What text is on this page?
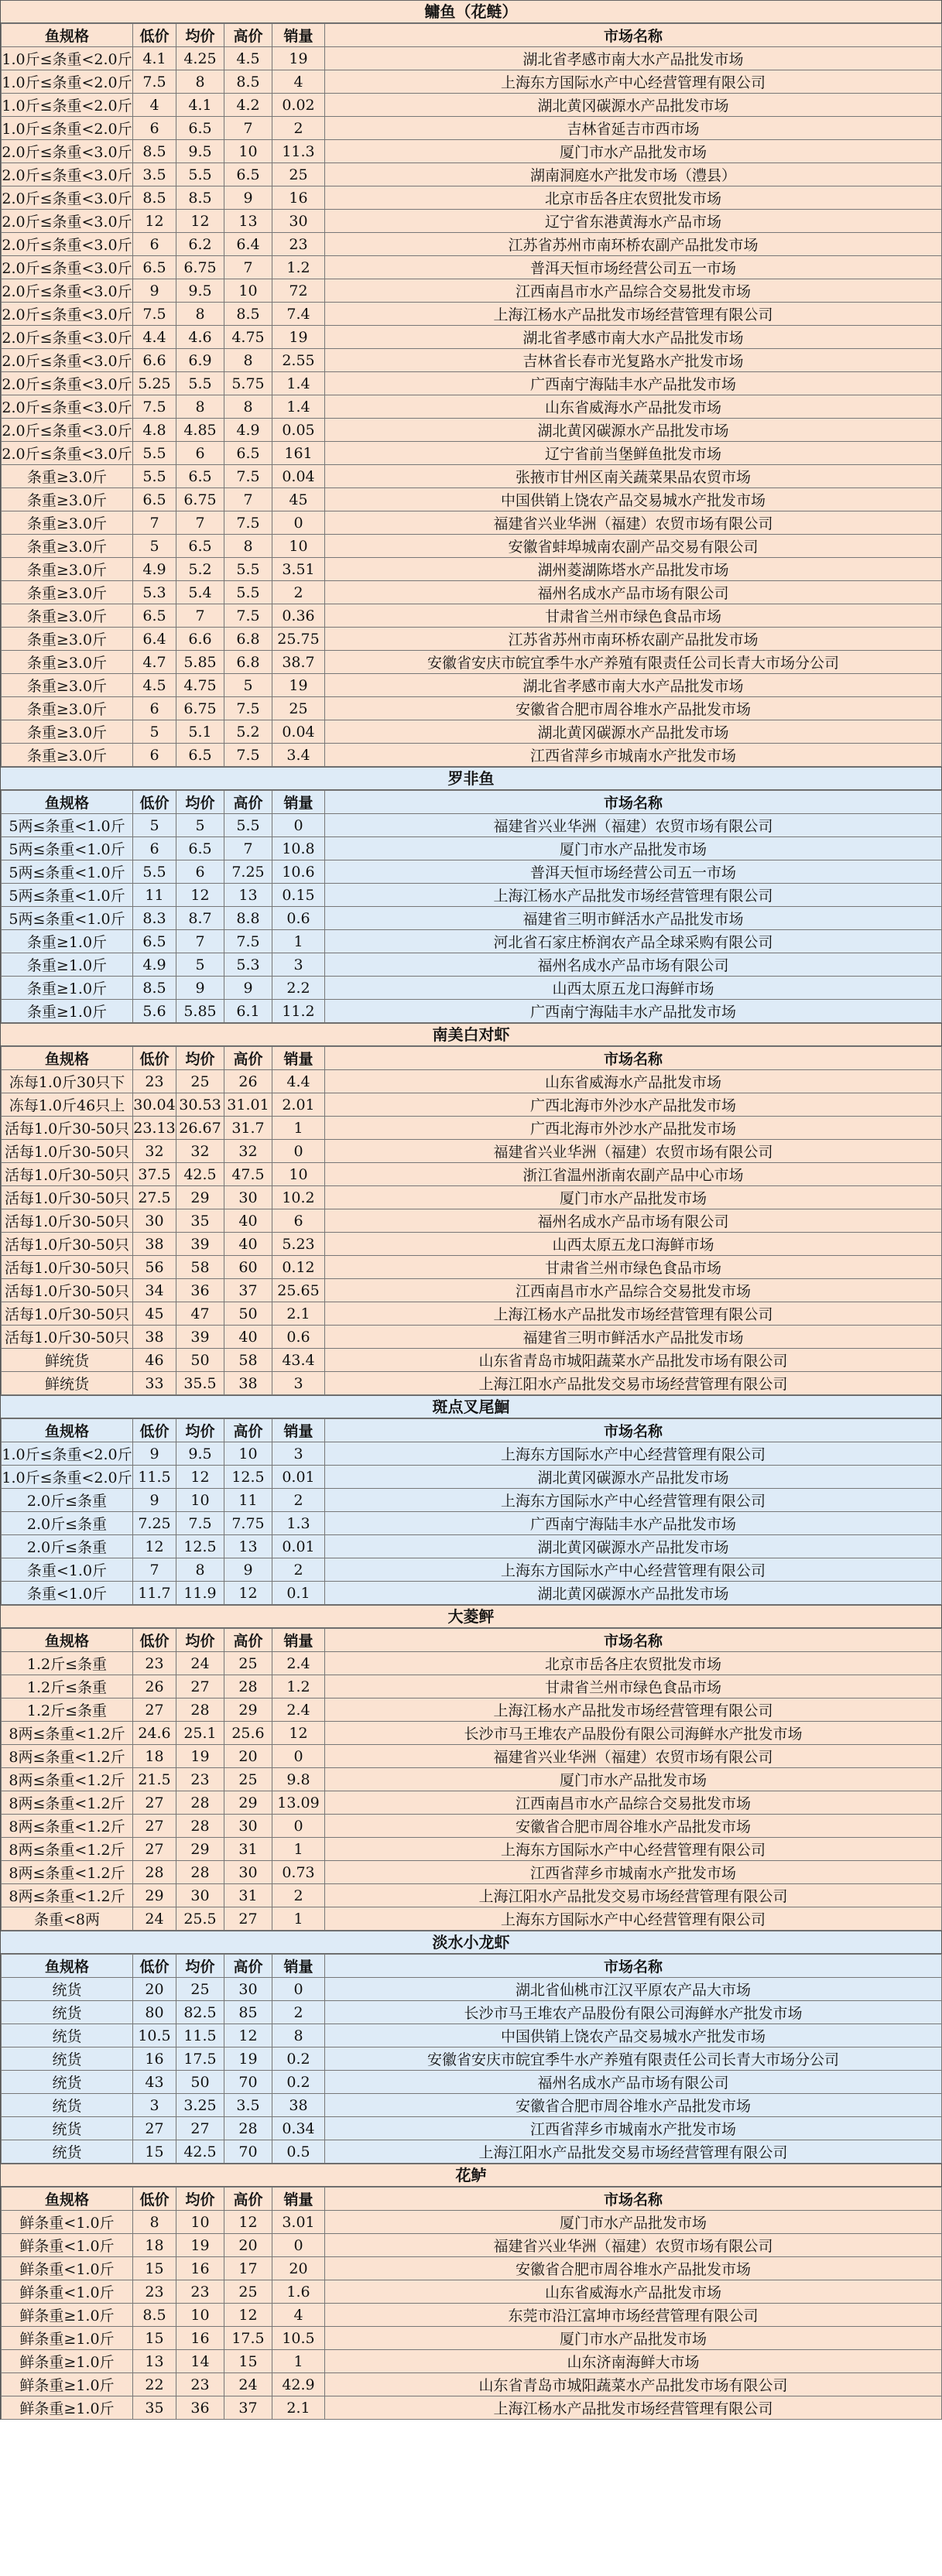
鳙鱼（花鲢）
鱼规格	低价	均价	高价	销量	市场名称
1.0斤≤条重<2.0斤	4.1	4.25	4.5	19	湖北省孝感市南大水产品批发市场
1.0斤≤条重<2.0斤	7.5	8	8.5	4	上海东方国际水产中心经营管理有限公司
1.0斤≤条重<2.0斤	4	4.1	4.2	0.02	湖北黄冈碳源水产品批发市场
1.0斤≤条重<2.0斤	6	6.5	7	2	吉林省延吉市西市场
2.0斤≤条重<3.0斤	8.5	9.5	10	11.3	厦门市水产品批发市场
2.0斤≤条重<3.0斤	3.5	5.5	6.5	25	湖南洞庭水产批发市场（澧县）
2.0斤≤条重<3.0斤	8.5	8.5	9	16	北京市岳各庄农贸批发市场
2.0斤≤条重<3.0斤	12	12	13	30	辽宁省东港黄海水产品市场
2.0斤≤条重<3.0斤	6	6.2	6.4	23	江苏省苏州市南环桥农副产品批发市场
2.0斤≤条重<3.0斤	6.5	6.75	7	1.2	普洱天恒市场经营公司五一市场
2.0斤≤条重<3.0斤	9	9.5	10	72	江西南昌市水产品综合交易批发市场
2.0斤≤条重<3.0斤	7.5	8	8.5	7.4	上海江杨水产品批发市场经营管理有限公司
2.0斤≤条重<3.0斤	4.4	4.6	4.75	19	湖北省孝感市南大水产品批发市场
2.0斤≤条重<3.0斤	6.6	6.9	8	2.55	吉林省长春市光复路水产批发市场
2.0斤≤条重<3.0斤	5.25	5.5	5.75	1.4	广西南宁海陆丰水产品批发市场
2.0斤≤条重<3.0斤	7.5	8	8	1.4	山东省威海水产品批发市场
2.0斤≤条重<3.0斤	4.8	4.85	4.9	0.05	湖北黄冈碳源水产品批发市场
2.0斤≤条重<3.0斤	5.5	6	6.5	161	辽宁省前当堡鲜鱼批发市场
条重≥3.0斤	5.5	6.5	7.5	0.04	张掖市甘州区南关蔬菜果品农贸市场
条重≥3.0斤	6.5	6.75	7	45	中国供销上饶农产品交易城水产批发市场
条重≥3.0斤	7	7	7.5	0	福建省兴业华洲（福建）农贸市场有限公司
条重≥3.0斤	5	6.5	8	10	安徽省蚌埠城南农副产品交易有限公司
条重≥3.0斤	4.9	5.2	5.5	3.51	湖州菱湖陈塔水产品批发市场
条重≥3.0斤	5.3	5.4	5.5	2	福州名成水产品市场有限公司
条重≥3.0斤	6.5	7	7.5	0.36	甘肃省兰州市绿色食品市场
条重≥3.0斤	6.4	6.6	6.8	25.75	江苏省苏州市南环桥农副产品批发市场
条重≥3.0斤	4.7	5.85	6.8	38.7	安徽省安庆市皖宜季牛水产养殖有限责任公司长青大市场分公司
条重≥3.0斤	4.5	4.75	5	19	湖北省孝感市南大水产品批发市场
条重≥3.0斤	6	6.75	7.5	25	安徽省合肥市周谷堆水产品批发市场
条重≥3.0斤	5	5.1	5.2	0.04	湖北黄冈碳源水产品批发市场
条重≥3.0斤	6	6.5	7.5	3.4	江西省萍乡市城南水产批发市场
罗非鱼
鱼规格	低价	均价	高价	销量	市场名称
5两≤条重<1.0斤	5	5	5.5	0	福建省兴业华洲（福建）农贸市场有限公司
5两≤条重<1.0斤	6	6.5	7	10.8	厦门市水产品批发市场
5两≤条重<1.0斤	5.5	6	7.25	10.6	普洱天恒市场经营公司五一市场
5两≤条重<1.0斤	11	12	13	0.15	上海江杨水产品批发市场经营管理有限公司
5两≤条重<1.0斤	8.3	8.7	8.8	0.6	福建省三明市鲜活水产品批发市场
条重≥1.0斤	6.5	7	7.5	1	河北省石家庄桥润农产品全球采购有限公司
条重≥1.0斤	4.9	5	5.3	3	福州名成水产品市场有限公司
条重≥1.0斤	8.5	9	9	2.2	山西太原五龙口海鲜市场
条重≥1.0斤	5.6	5.85	6.1	11.2	广西南宁海陆丰水产品批发市场
南美白对虾
鱼规格	低价	均价	高价	销量	市场名称
冻每1.0斤30只下	23	25	26	4.4	山东省威海水产品批发市场
冻每1.0斤46只上	30.04	30.53	31.01	2.01	广西北海市外沙水产品批发市场
活每1.0斤30-50只	23.13	26.67	31.7	1	广西北海市外沙水产品批发市场
活每1.0斤30-50只	32	32	32	0	福建省兴业华洲（福建）农贸市场有限公司
活每1.0斤30-50只	37.5	42.5	47.5	10	浙江省温州浙南农副产品中心市场
活每1.0斤30-50只	27.5	29	30	10.2	厦门市水产品批发市场
活每1.0斤30-50只	30	35	40	6	福州名成水产品市场有限公司
活每1.0斤30-50只	38	39	40	5.23	山西太原五龙口海鲜市场
活每1.0斤30-50只	56	58	60	0.12	甘肃省兰州市绿色食品市场
活每1.0斤30-50只	34	36	37	25.65	江西南昌市水产品综合交易批发市场
活每1.0斤30-50只	45	47	50	2.1	上海江杨水产品批发市场经营管理有限公司
活每1.0斤30-50只	38	39	40	0.6	福建省三明市鲜活水产品批发市场
鲜统货	46	50	58	43.4	山东省青岛市城阳蔬菜水产品批发市场有限公司
鲜统货	33	35.5	38	3	上海江阳水产品批发交易市场经营管理有限公司
斑点叉尾鮰
鱼规格	低价	均价	高价	销量	市场名称
1.0斤≤条重<2.0斤	9	9.5	10	3	上海东方国际水产中心经营管理有限公司
1.0斤≤条重<2.0斤	11.5	12	12.5	0.01	湖北黄冈碳源水产品批发市场
2.0斤≤条重	9	10	11	2	上海东方国际水产中心经营管理有限公司
2.0斤≤条重	7.25	7.5	7.75	1.3	广西南宁海陆丰水产品批发市场
2.0斤≤条重	12	12.5	13	0.01	湖北黄冈碳源水产品批发市场
条重<1.0斤	7	8	9	2	上海东方国际水产中心经营管理有限公司
条重<1.0斤	11.7	11.9	12	0.1	湖北黄冈碳源水产品批发市场
大菱鲆
鱼规格	低价	均价	高价	销量	市场名称
1.2斤≤条重	23	24	25	2.4	北京市岳各庄农贸批发市场
1.2斤≤条重	26	27	28	1.2	甘肃省兰州市绿色食品市场
1.2斤≤条重	27	28	29	2.4	上海江杨水产品批发市场经营管理有限公司
8两≤条重<1.2斤	24.6	25.1	25.6	12	长沙市马王堆农产品股份有限公司海鲜水产批发市场
8两≤条重<1.2斤	18	19	20	0	福建省兴业华洲（福建）农贸市场有限公司
8两≤条重<1.2斤	21.5	23	25	9.8	厦门市水产品批发市场
8两≤条重<1.2斤	27	28	29	13.09	江西南昌市水产品综合交易批发市场
8两≤条重<1.2斤	27	28	30	0	安徽省合肥市周谷堆水产品批发市场
8两≤条重<1.2斤	27	29	31	1	上海东方国际水产中心经营管理有限公司
8两≤条重<1.2斤	28	28	30	0.73	江西省萍乡市城南水产批发市场
8两≤条重<1.2斤	29	30	31	2	上海江阳水产品批发交易市场经营管理有限公司
条重<8两	24	25.5	27	1	上海东方国际水产中心经营管理有限公司
淡水小龙虾
鱼规格	低价	均价	高价	销量	市场名称
统货	20	25	30	0	湖北省仙桃市江汉平原农产品大市场
统货	80	82.5	85	2	长沙市马王堆农产品股份有限公司海鲜水产批发市场
统货	10.5	11.5	12	8	中国供销上饶农产品交易城水产批发市场
统货	16	17.5	19	0.2	安徽省安庆市皖宜季牛水产养殖有限责任公司长青大市场分公司
统货	43	50	70	0.2	福州名成水产品市场有限公司
统货	3	3.25	3.5	38	安徽省合肥市周谷堆水产品批发市场
统货	27	27	28	0.34	江西省萍乡市城南水产批发市场
统货	15	42.5	70	0.5	上海江阳水产品批发交易市场经营管理有限公司
花鲈
鱼规格	低价	均价	高价	销量	市场名称
鲜条重<1.0斤	8	10	12	3.01	厦门市水产品批发市场
鲜条重<1.0斤	18	19	20	0	福建省兴业华洲（福建）农贸市场有限公司
鲜条重<1.0斤	15	16	17	20	安徽省合肥市周谷堆水产品批发市场
鲜条重<1.0斤	23	23	25	1.6	山东省威海水产品批发市场
鲜条重≥1.0斤	8.5	10	12	4	东莞市沿江富坤市场经营管理有限公司
鲜条重≥1.0斤	15	16	17.5	10.5	厦门市水产品批发市场
鲜条重≥1.0斤	13	14	15	1	山东济南海鲜大市场
鲜条重≥1.0斤	22	23	24	42.9	山东省青岛市城阳蔬菜水产品批发市场有限公司
鲜条重≥1.0斤	35	36	37	2.1	上海江杨水产品批发市场经营管理有限公司
